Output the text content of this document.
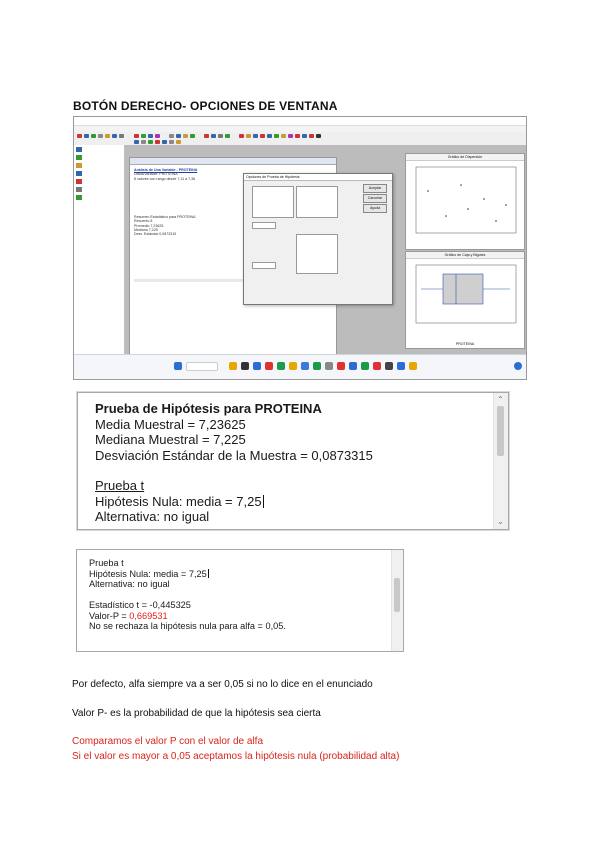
BOTÓN DERECHO- OPCIONES DE VENTANA
Análisis de Una Variable - PROTEINA
Datos/Variable: PROTEINA
8 valores con rango desde 7,11 a 7,36

Resumen Estadístico para PROTEINA
Recuento 8
Promedio 7,23625
Mediana 7,225
Desv. Estándar 0,0873315
Opciones de Prueba de Hipótesis
Aceptar
Cancelar
Ayuda
Gráfico de Dispersión
Gráfico de Caja y Bigotes
PROTEINA
Prueba de Hipótesis para PROTEINA
Media Muestral = 7,23625
Mediana Muestral = 7,225
Desviación Estándar de la Muestra = 0,0873315
Prueba t
Hipótesis Nula: media = 7,25
Alternativa: no igual
⌃
⌄
Prueba t
Hipótesis Nula: media = 7,25
Alternativa: no igual
Estadístico t = -0,445325
Valor-P = 0,669531
No se rechaza la hipótesis nula para alfa = 0,05.
Por defecto, alfa siempre va a ser 0,05 si no lo dice en el enunciado
Valor P- es la probabilidad de que la hipótesis sea cierta
Comparamos el valor P con el valor de alfa
Si el valor es mayor a 0,05 aceptamos la hipótesis nula (probabilidad alta)
